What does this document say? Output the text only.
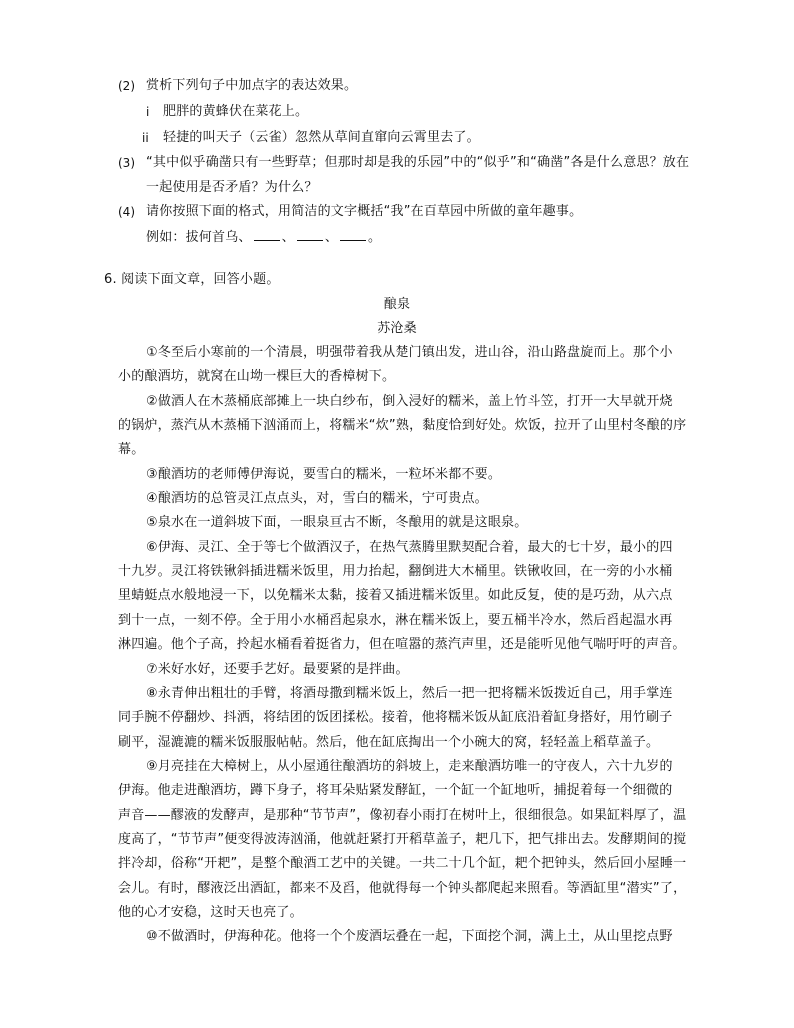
(2) 赏析下列句子中加点字的表达效果。
i 肥胖的黄蜂伏在菜花上。
ii 轻捷的叫天子（云雀）忽然从草间直窜向云霄里去了。
(3) “其中似乎确凿只有一些野草；但那时却是我的乐园”中的“似乎”和“确凿”各是什么意思？放在
一起使用是否矛盾？为什么？
(4) 请你按照下面的格式，用简洁的文字概括“我”在百草园中所做的童年趣事。
例如：拔何首乌、 、 、 。
6. 阅读下面文章，回答小题。
酿泉
苏沧桑
①冬至后小寒前的一个清晨，明强带着我从楚门镇出发，进山谷，沿山路盘旋而上。那个小
小的酿酒坊，就窝在山坳一棵巨大的香樟树下。
②做酒人在木蒸桶底部摊上一块白纱布，倒入浸好的糯米，盖上竹斗笠，打开一大早就开烧
的锅炉，蒸汽从木蒸桶下汹涌而上，将糯米“炊”熟，黏度恰到好处。炊饭，拉开了山里村冬酿的序
幕。
③酿酒坊的老师傅伊海说，要雪白的糯米，一粒坏米都不要。
④酿酒坊的总管灵江点点头，对，雪白的糯米，宁可贵点。
⑤泉水在一道斜坡下面，一眼泉亘古不断，冬酿用的就是这眼泉。
⑥伊海、灵江、全于等七个做酒汉子，在热气蒸腾里默契配合着，最大的七十岁，最小的四
十九岁。灵江将铁锹斜插进糯米饭里，用力抬起，翻倒进大木桶里。铁锹收回，在一旁的小水桶
里蜻蜓点水般地浸一下，以免糯米太黏，接着又插进糯米饭里。如此反复，使的是巧劲，从六点
到十一点，一刻不停。全于用小水桶舀起泉水，淋在糯米饭上，要五桶半冷水，然后舀起温水再
淋四遍。他个子高，拎起水桶看着挺省力，但在喧嚣的蒸汽声里，还是能听见他气喘吁吁的声音。
⑦米好水好，还要手艺好。最要紧的是拌曲。
⑧永青伸出粗壮的手臂，将酒母撒到糯米饭上，然后一把一把将糯米饭拨近自己，用手掌连
同手腕不停翻炒、抖洒，将结团的饭团揉松。接着，他将糯米饭从缸底沿着缸身搭好，用竹刷子
刷平，湿漉漉的糯米饭服服帖帖。然后，他在缸底掏出一个小碗大的窝，轻轻盖上稻草盖子。
⑨月亮挂在大樟树上，从小屋通往酿酒坊的斜坡上，走来酿酒坊唯一的守夜人，六十九岁的
伊海。他走进酿酒坊，蹲下身子，将耳朵贴紧发酵缸，一个缸一个缸地听，捕捉着每一个细微的
声音——醪液的发酵声，是那种“节节声”，像初春小雨打在树叶上，很细很急。如果缸料厚了，温
度高了，“节节声”便变得波涛汹涌，他就赶紧打开稻草盖子，耙几下，把气排出去。发酵期间的搅
拌冷却，俗称“开耙”，是整个酿酒工艺中的关键。一共二十几个缸，耙个把钟头，然后回小屋睡一
会儿。有时，醪液泛出酒缸，都来不及舀，他就得每一个钟头都爬起来照看。等酒缸里“潜实”了，
他的心才安稳，这时天也亮了。
⑩不做酒时，伊海种花。他将一个个废酒坛叠在一起，下面挖个洞，满上土，从山里挖点野
